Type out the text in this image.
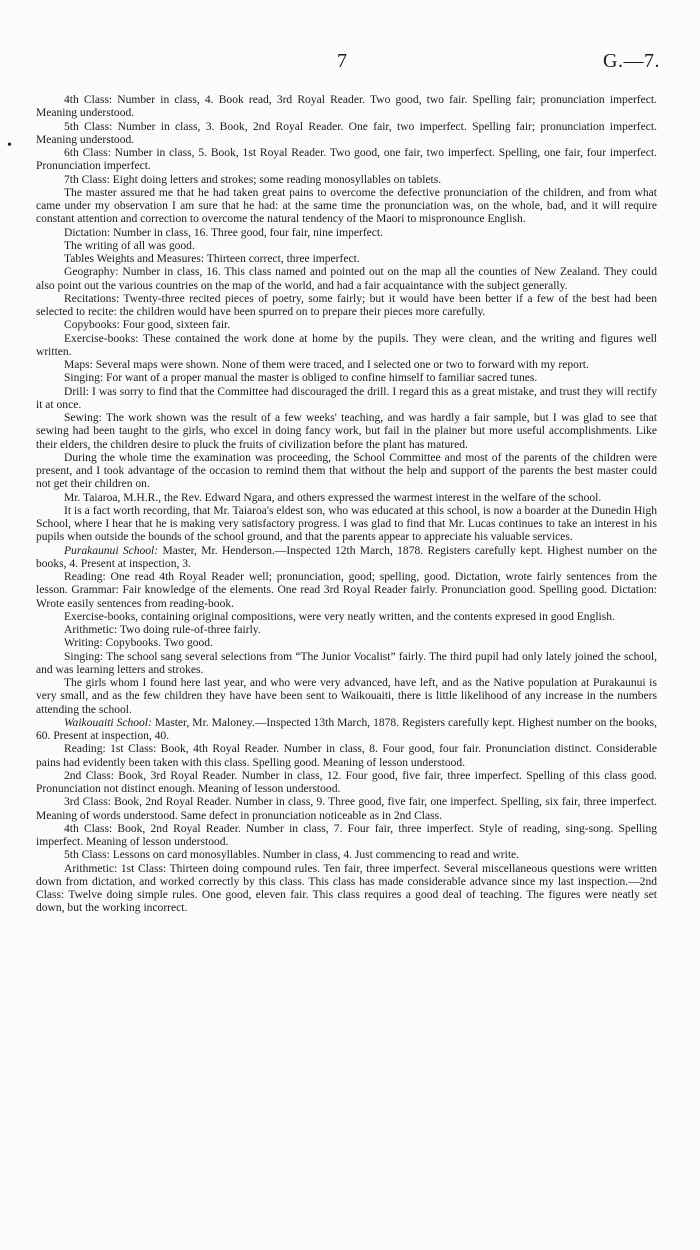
7	G.—7.
•

4th Class: Number in class, 4. Book read, 3rd Royal Reader. Two good, two fair. Spelling fair; pronunciation imperfect. Meaning understood.

5th Class: Number in class, 3. Book, 2nd Royal Reader. One fair, two imperfect. Spelling fair; pronunciation imperfect. Meaning understood.

6th Class: Number in class, 5. Book, 1st Royal Reader. Two good, one fair, two imperfect. Spelling, one fair, four imperfect. Pronunciation imperfect.

7th Class: Eight doing letters and strokes; some reading monosyllables on tablets.

The master assured me that he had taken great pains to overcome the defective pronunciation of the children, and from what came under my observation I am sure that he had: at the same time the pronunciation was, on the whole, bad, and it will require constant attention and correction to overcome the natural tendency of the Maori to mispronounce English.

Dictation: Number in class, 16. Three good, four fair, nine imperfect.

The writing of all was good.

Tables Weights and Measures: Thirteen correct, three imperfect.

Geography: Number in class, 16. This class named and pointed out on the map all the counties of New Zealand. They could also point out the various countries on the map of the world, and had a fair acquaintance with the subject generally.

Recitations: Twenty-three recited pieces of poetry, some fairly; but it would have been better if a few of the best had been selected to recite: the children would have been spurred on to prepare their pieces more carefully.

Copybooks: Four good, sixteen fair.

Exercise-books: These contained the work done at home by the pupils. They were clean, and the writing and figures well written.

Maps: Several maps were shown. None of them were traced, and I selected one or two to forward with my report.

Singing: For want of a proper manual the master is obliged to confine himself to familiar sacred tunes.

Drill: I was sorry to find that the Committee had discouraged the drill. I regard this as a great mistake, and trust they will rectify it at once.

Sewing: The work shown was the result of a few weeks' teaching, and was hardly a fair sample, but I was glad to see that sewing had been taught to the girls, who excel in doing fancy work, but fail in the plainer but more useful accomplishments. Like their elders, the children desire to pluck the fruits of civilization before the plant has matured.

During the whole time the examination was proceeding, the School Committee and most of the parents of the children were present, and I took advantage of the occasion to remind them that without the help and support of the parents the best master could not get their children on.

Mr. Taiaroa, M.H.R., the Rev. Edward Ngara, and others expressed the warmest interest in the welfare of the school.

It is a fact worth recording, that Mr. Taiaroa's eldest son, who was educated at this school, is now a boarder at the Dunedin High School, where I hear that he is making very satisfactory progress. I was glad to find that Mr. Lucas continues to take an interest in his pupils when outside the bounds of the school ground, and that the parents appear to appreciate his valuable services.

Purakaunui School: Master, Mr. Henderson.—Inspected 12th March, 1878. Registers carefully kept. Highest number on the books, 4. Present at inspection, 3.

Reading: One read 4th Royal Reader well; pronunciation, good; spelling, good. Dictation, wrote fairly sentences from the lesson. Grammar: Fair knowledge of the elements. One read 3rd Royal Reader fairly. Pronunciation good. Spelling good. Dictation: Wrote easily sentences from reading-book.

Exercise-books, containing original compositions, were very neatly written, and the contents expresed in good English.

Arithmetic: Two doing rule-of-three fairly.

Writing: Copybooks. Two good.

Singing: The school sang several selections from “The Junior Vocalist” fairly. The third pupil had only lately joined the school, and was learning letters and strokes.

The girls whom I found here last year, and who were very advanced, have left, and as the Native population at Purakaunui is very small, and as the few children they have have been sent to Waikouaiti, there is little likelihood of any increase in the numbers attending the school.

Waikouaiti School: Master, Mr. Maloney.—Inspected 13th March, 1878. Registers carefully kept. Highest number on the books, 60. Present at inspection, 40.

Reading: 1st Class: Book, 4th Royal Reader. Number in class, 8. Four good, four fair. Pronunciation distinct. Considerable pains had evidently been taken with this class. Spelling good. Meaning of lesson understood.

2nd Class: Book, 3rd Royal Reader. Number in class, 12. Four good, five fair, three imperfect. Spelling of this class good. Pronunciation not distinct enough. Meaning of lesson understood.

3rd Class: Book, 2nd Royal Reader. Number in class, 9. Three good, five fair, one imperfect. Spelling, six fair, three imperfect. Meaning of words understood. Same defect in pronunciation noticeable as in 2nd Class.

4th Class: Book, 2nd Royal Reader. Number in class, 7. Four fair, three imperfect. Style of reading, sing-song. Spelling imperfect. Meaning of lesson understood.

5th Class: Lessons on card monosyllables. Number in class, 4. Just commencing to read and write.

Arithmetic: 1st Class: Thirteen doing compound rules. Ten fair, three imperfect. Several miscellaneous questions were written down from dictation, and worked correctly by this class. This class has made considerable advance since my last inspection.—2nd Class: Twelve doing simple rules. One good, eleven fair. This class requires a good deal of teaching. The figures were neatly set down, but the working incorrect.
